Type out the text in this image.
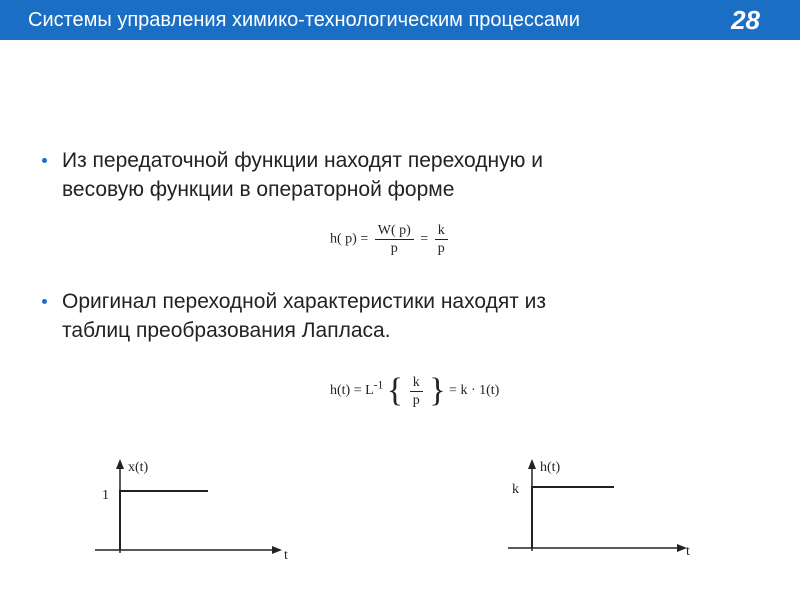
Системы управления химико-технологическим процессами	28
Из передаточной функции находят переходную и
весовую функции в операторной форме
h( $p) = \frac{W( p)}{p} = \frac{k}{p}$
Оригинал переходной характеристики находят из
таблиц преобразования Лапласа.
$h(t) = L^{-1}$ { $\frac{k}{p}$ } = k · 1(t)
x(t)
1
t
h(t)
k
t
